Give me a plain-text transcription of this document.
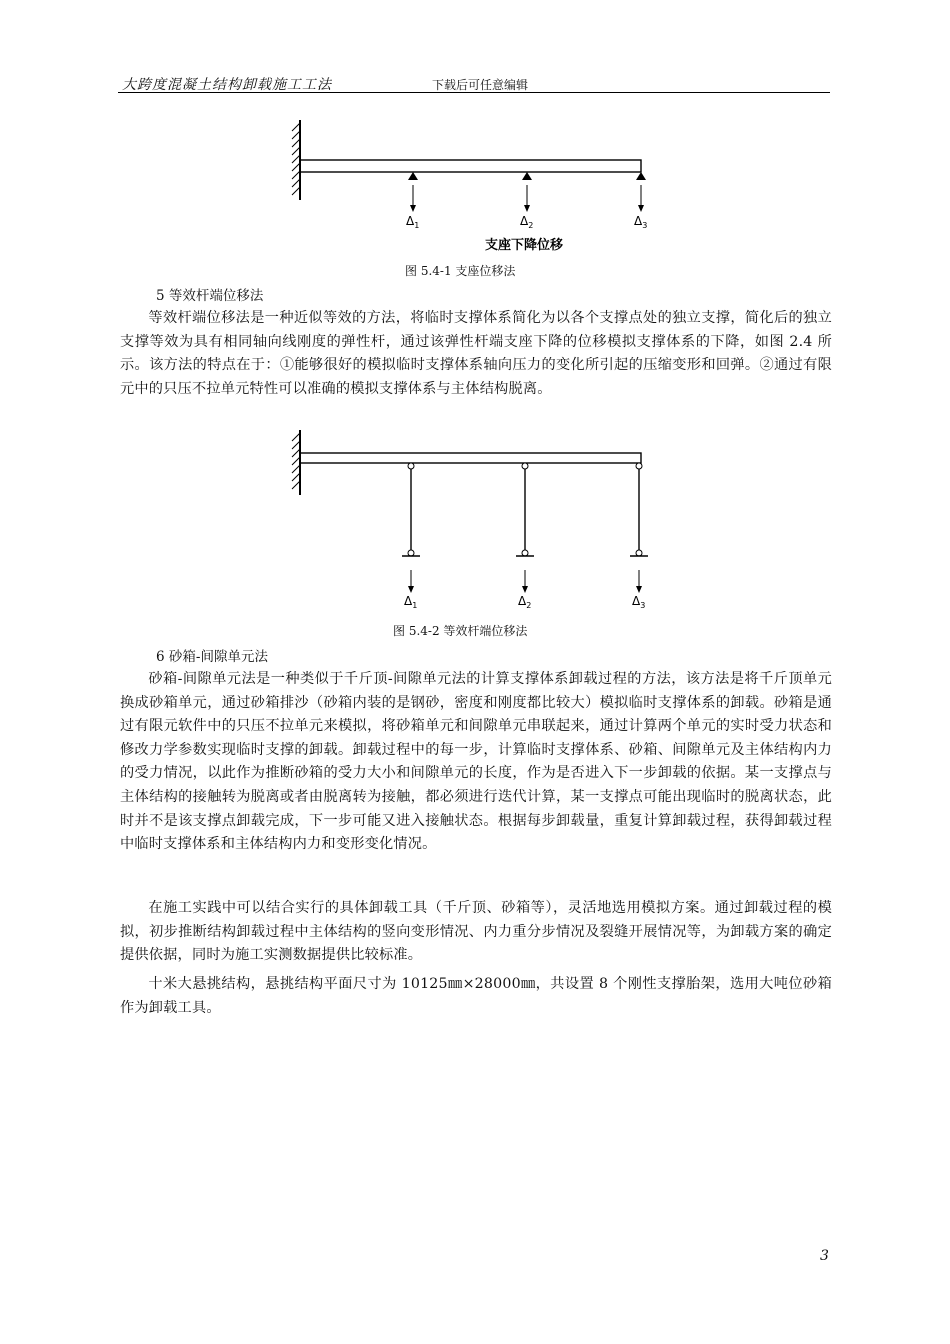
大跨度混凝土结构卸载施工工法	下载后可任意编辑
$\Delta_1$	$\Delta_2$	$\Delta_3$
支座下降位移
图 5.4-1 支座位移法
5 等效杆端位移法

等效杆端位移法是一种近似等效的方法，将临时支撑体系简化为以各个支撑点处的独立支撑，简化后的独立支撑等效为具有相同轴向线刚度的弹性杆，通过该弹性杆端支座下降的位移模拟支撑体系的下降，如图 2.4 所示。该方法的特点在于：①能够很好的模拟临时支撑体系轴向压力的变化所引起的压缩变形和回弹。②通过有限元中的只压不拉单元特性可以准确的模拟支撑体系与主体结构脱离。

$\Delta_1$	$\Delta_2$	$\Delta_3$
图 5.4-2 等效杆端位移法
6 砂箱-间隙单元法

砂箱-间隙单元法是一种类似于千斤顶-间隙单元法的计算支撑体系卸载过程的方法，该方法是将千斤顶单元换成砂箱单元，通过砂箱排沙（砂箱内装的是钢砂，密度和刚度都比较大）模拟临时支撑体系的卸载。砂箱是通过有限元软件中的只压不拉单元来模拟，将砂箱单元和间隙单元串联起来，通过计算两个单元的实时受力状态和修改力学参数实现临时支撑的卸载。卸载过程中的每一步，计算临时支撑体系、砂箱、间隙单元及主体结构内力的受力情况，以此作为推断砂箱的受力大小和间隙单元的长度，作为是否进入下一步卸载的依据。某一支撑点与主体结构的接触转为脱离或者由脱离转为接触，都必须进行迭代计算，某一支撑点可能出现临时的脱离状态，此时并不是该支撑点卸载完成，下一步可能又进入接触状态。根据每步卸载量，重复计算卸载过程，获得卸载过程中临时支撑体系和主体结构内力和变形变化情况。

在施工实践中可以结合实行的具体卸载工具（千斤顶、砂箱等），灵活地选用模拟方案。通过卸载过程的模拟，初步推断结构卸载过程中主体结构的竖向变形情况、内力重分步情况及裂缝开展情况等，为卸载方案的确定提供依据，同时为施工实测数据提供比较标准。

十米大悬挑结构，悬挑结构平面尺寸为 10125㎜×28000㎜，共设置 8 个刚性支撑胎架，选用大吨位砂箱作为卸载工具。

3
